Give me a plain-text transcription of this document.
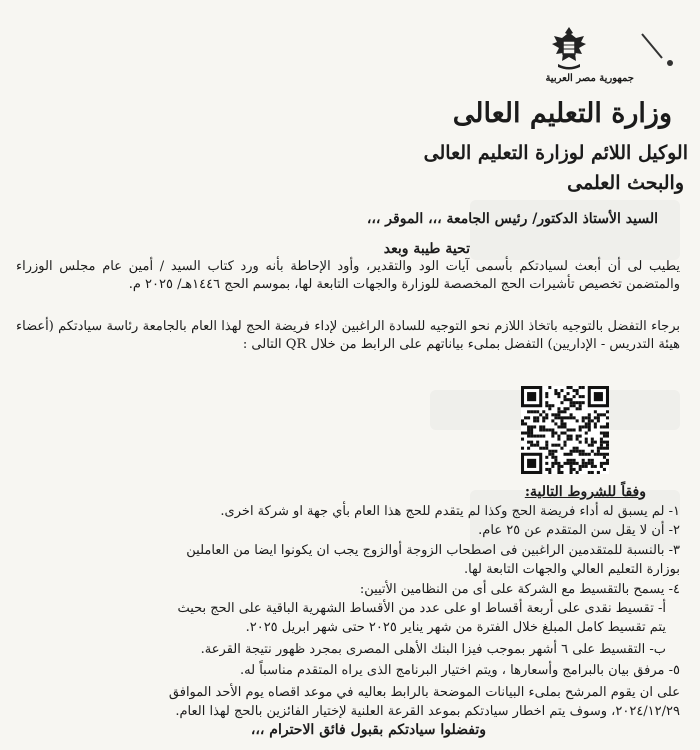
جمهورية مصر العربية
وزارة التعليم العالى
الوكيل اللائم لوزارة التعليم العالى
والبحث العلمى
السيد الأستاذ الدكتور/ رئيس الجامعة ،،، الموقر ،،،
تحية طيبة وبعد
يطيب لى أن أبعث لسيادتكم بأسمى آيات الود والتقدير، وأود الإحاطة بأنه ورد كتاب السيد / أمين عام مجلس الوزراء والمتضمن تخصيص تأشيرات الحج المخصصة للوزارة والجهات التابعة لها، بموسم الحج ١٤٤٦هـ/ ٢٠٢٥ م.
برجاء التفضل بالتوجيه باتخاذ اللازم نحو التوجيه للسادة الراغبين لإداء فريضة الحج لهذا العام بالجامعة رئاسة سيادتكم (أعضاء هيئة التدريس - الإداريين) التفضل بملىء بياناتهم على الرابط من خلال QR التالى :
وفقاً للشروط التالية:
١- لم يسبق له أداء فريضة الحج وكذا لم يتقدم للحج هذا العام بأي جهة او شركة اخرى.
٢- أن لا يقل سن المتقدم عن ٢٥ عام.
٣- بالنسبة للمتقدمين الراغبين فى اصطحاب الزوجة أوالزوج يجب ان يكونوا ايضا من العاملين
بوزارة التعليم العالي والجهات التابعة لها.
٤- يسمح بالتقسيط مع الشركة على أى من النظامين الأتيين:
أ- تقسيط نقدى على أربعة أقساط او على عدد من الأقساط الشهرية الباقية على الحج بحيث
يتم تقسيط كامل المبلغ خلال الفترة من شهر يناير ٢٠٢٥ حتى شهر ابريل ٢٠٢٥.
ب- التقسيط على ٦ أشهر بموجب فيزا البنك الأهلى المصرى بمجرد ظهور نتيجة القرعة.
٥- مرفق بيان بالبرامج وأسعارها ، ويتم اختيار البرنامج الذى يراه المتقدم مناسباً له.
على ان يقوم المرشح بملىء البيانات الموضحة بالرابط بعاليه في موعد اقصاه يوم الأحد الموافق
٢٠٢٤/١٢/٢٩، وسوف يتم اخطار سيادتكم بموعد القرعة العلنية لإختيار الفائزين بالحج لهذا العام.
وتفضلوا سيادتكم بقبول فائق الاحترام ،،،
